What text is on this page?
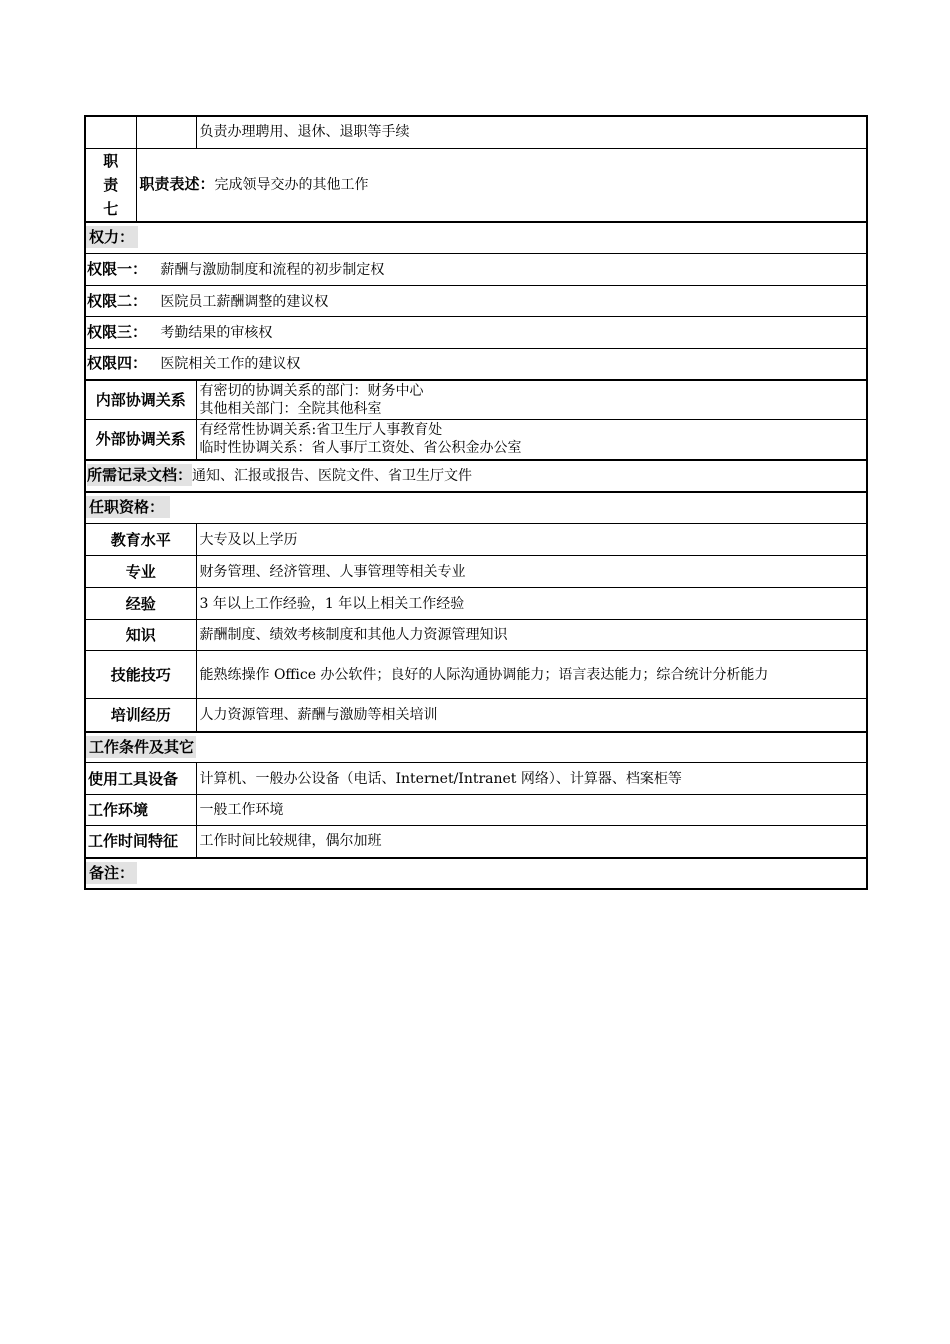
		负责办理聘用、退休、退职等手续

职
责
七	职责表述：完成领导交办的其他工作	
权力：		
权限一： 薪酬与激励制度和流程的初步制定权		
权限二： 医院员工薪酬调整的建议权		
权限三： 考勤结果的审核权		
权限四： 医院相关工作的建议权		
内部协调关系		有密切的协调关系的部门：财务中心
其他相关部门：全院其他科室

外部协调关系		有经常性协调关系:省卫生厅人事教育处
临时性协调关系：省人事厅工资处、省公积金办公室

所需记录文档：通知、汇报或报告、医院文件、省卫生厅文件		
任职资格：		
教育水平		大专及以上学历
专业		财务管理、经济管理、人事管理等相关专业
经验		3 年以上工作经验，1 年以上相关工作经验
知识		薪酬制度、绩效考核制度和其他人力资源管理知识
技能技巧		能熟练操作 Office 办公软件；良好的人际沟通协调能力；语言表达能力；综合统计分析能力
培训经历		人力资源管理、薪酬与激励等相关培训
工作条件及其它		
使用工具设备		计算机、一般办公设备（电话、Internet/Intranet 网络）、计算器、档案柜等
工作环境		一般工作环境
工作时间特征		工作时间比较规律，偶尔加班
备注：		
